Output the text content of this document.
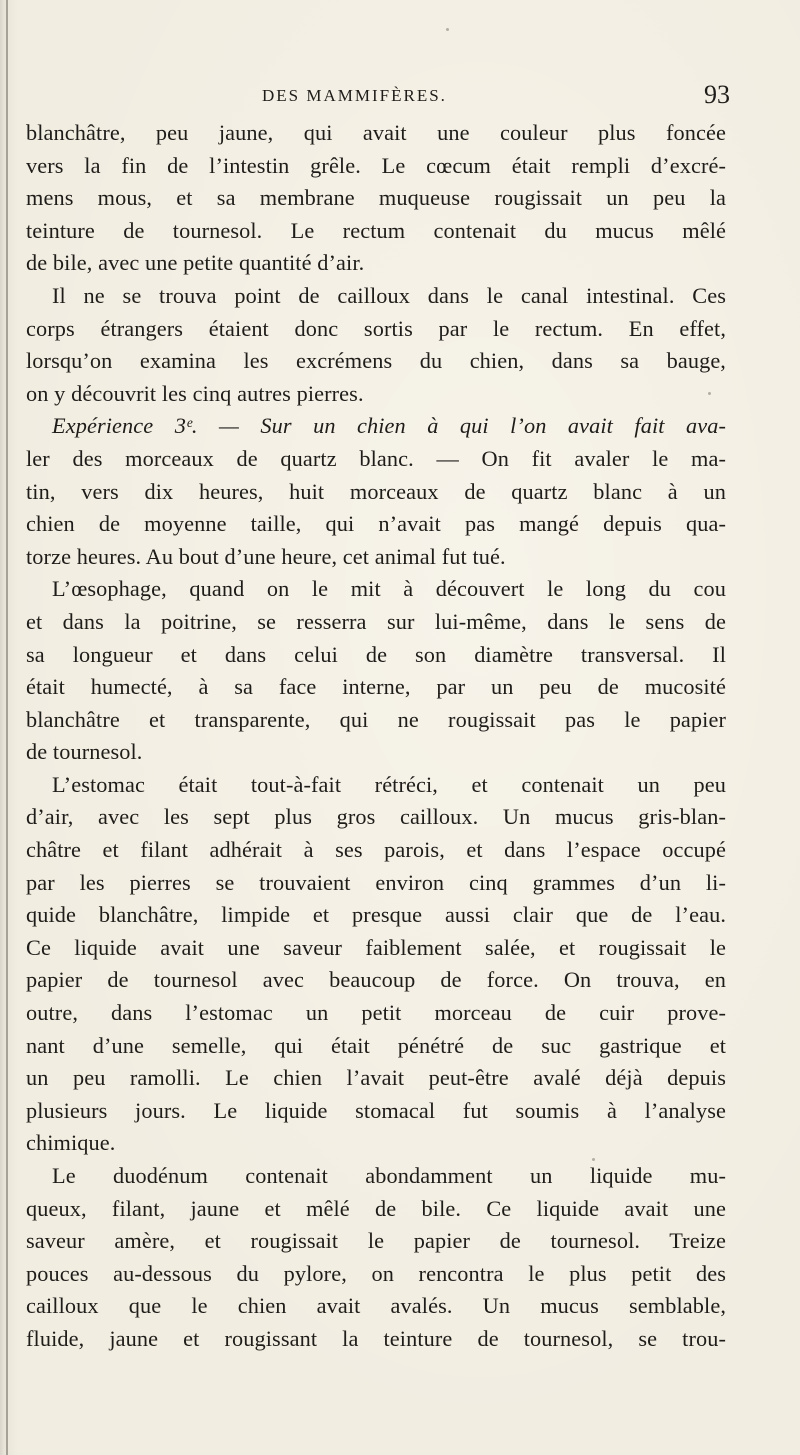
DES MAMMIFÈRES.	93
blanchâtre, peu jaune, qui avait une couleur plus foncée
vers la fin de l’intestin grêle. Le cœcum était rempli d’excré-
mens mous, et sa membrane muqueuse rougissait un peu la
teinture de tournesol. Le rectum contenait du mucus mêlé
de bile, avec une petite quantité d’air.
Il ne se trouva point de cailloux dans le canal intestinal. Ces
corps étrangers étaient donc sortis par le rectum. En effet,
lorsqu’on examina les excrémens du chien, dans sa bauge,
on y découvrit les cinq autres pierres.
Expérience 3ᵉ. — Sur un chien à qui l’on avait fait ava-
ler des morceaux de quartz blanc. — On fit avaler le ma-
tin, vers dix heures, huit morceaux de quartz blanc à un
chien de moyenne taille, qui n’avait pas mangé depuis qua-
torze heures. Au bout d’une heure, cet animal fut tué.
L’œsophage, quand on le mit à découvert le long du cou
et dans la poitrine, se resserra sur lui-même, dans le sens de
sa longueur et dans celui de son diamètre transversal. Il
était humecté, à sa face interne, par un peu de mucosité
blanchâtre et transparente, qui ne rougissait pas le papier
de tournesol.
L’estomac était tout-à-fait rétréci, et contenait un peu
d’air, avec les sept plus gros cailloux. Un mucus gris-blan-
châtre et filant adhérait à ses parois, et dans l’espace occupé
par les pierres se trouvaient environ cinq grammes d’un li-
quide blanchâtre, limpide et presque aussi clair que de l’eau.
Ce liquide avait une saveur faiblement salée, et rougissait le
papier de tournesol avec beaucoup de force. On trouva, en
outre, dans l’estomac un petit morceau de cuir prove-
nant d’une semelle, qui était pénétré de suc gastrique et
un peu ramolli. Le chien l’avait peut-être avalé déjà depuis
plusieurs jours. Le liquide stomacal fut soumis à l’analyse
chimique.
Le duodénum contenait abondamment un liquide mu-
queux, filant, jaune et mêlé de bile. Ce liquide avait une
saveur amère, et rougissait le papier de tournesol. Treize
pouces au-dessous du pylore, on rencontra le plus petit des
cailloux que le chien avait avalés. Un mucus semblable,
fluide, jaune et rougissant la teinture de tournesol, se trou-
